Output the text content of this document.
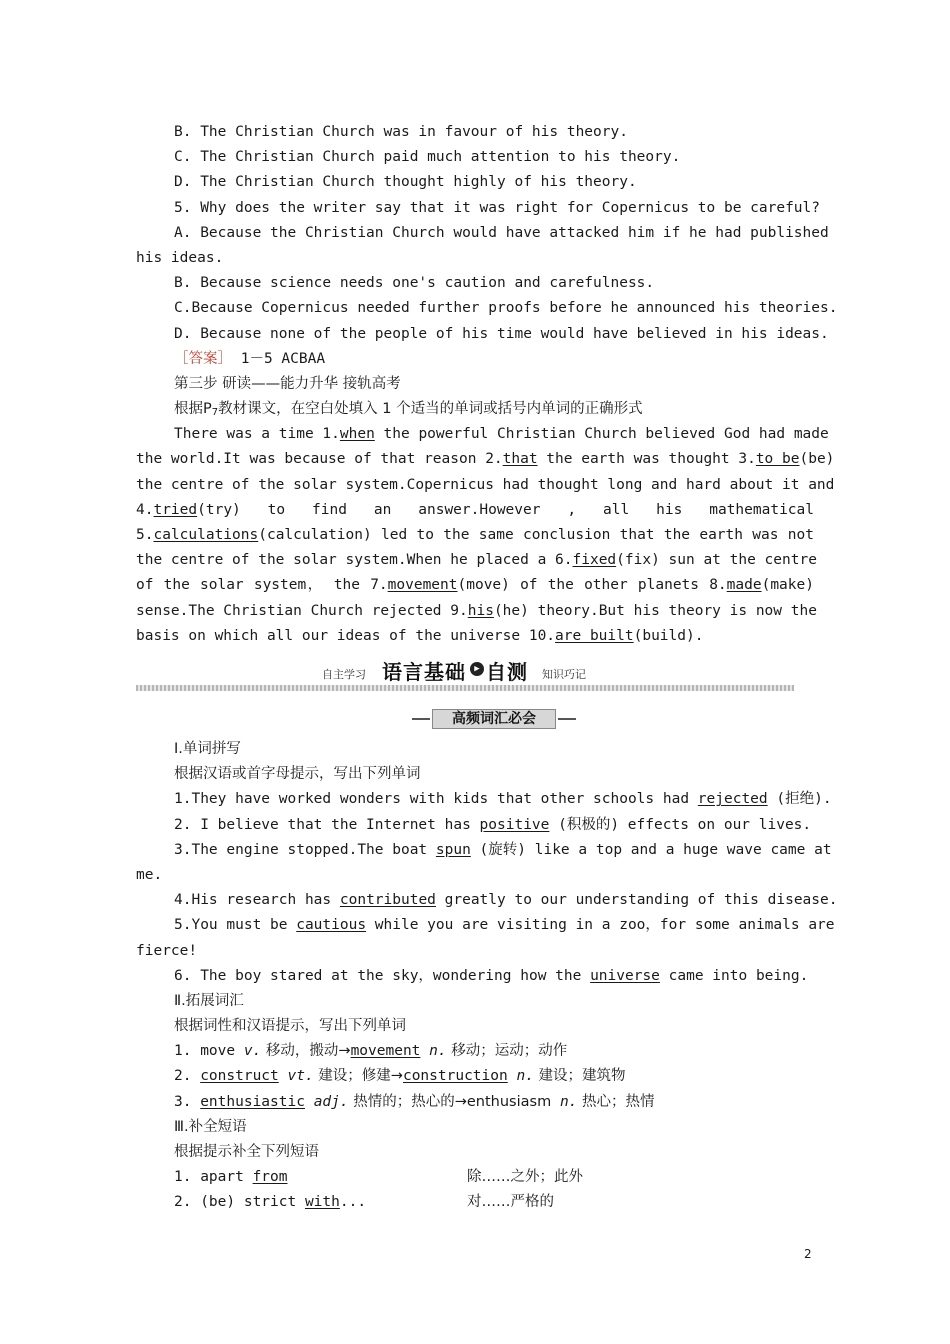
B. The Christian Church was in favour of his theory.
C. The Christian Church paid much attention to his theory.
D. The Christian Church thought highly of his theory.
5. Why does the writer say that it was right for Copernicus to be careful?
A. Because the Christian Church would have attacked him if he had published
his ideas.
B. Because science needs one's caution and carefulness.
C.Because Copernicus needed further proofs before he announced his theories.
D. Because none of the people of his time would have believed in his ideas.
［答案］ 1－5 ACBAA
第三步 研读——能力升华 接轨高考
根据$P_7$教材课文，在空白处填入 1 个适当的单词或括号内单词的正确形式
There was a time 1.when the powerful Christian Church believed God had made
the world.It was because of that reason 2.that the earth was thought 3.to be(be)
the centre of the solar system.Copernicus had thought long and hard about it and
4.tried(try) to find an answer.However , all his mathematical
5.calculations(calculation) led to the same conclusion that the earth was not
the centre of the solar system.When he placed a 6.fixed(fix) sun at the centre
of the solar system， the 7.movement(move) of the other planets 8.made(make)
sense.The Christian Church rejected 9.his(he) theory.But his theory is now the
basis on which all our ideas of the universe 10.are built(build).
自主学习 语言基础 ▶ 自测 知识巧记
高频词汇必会
Ⅰ.单词拼写
根据汉语或首字母提示，写出下列单词
1.They have worked wonders with kids that other schools had rejected (拒绝).
2. I believe that the Internet has positive (积极的) effects on our lives.
3.The engine stopped.The boat spun (旋转) like a top and a huge wave came at
me.
4.His research has contributed greatly to our understanding of this disease.
5.You must be cautious while you are visiting in a zoo，for some animals are
fierce!
6. The boy stared at the sky，wondering how the universe came into being.
Ⅱ.拓展词汇
根据词性和汉语提示，写出下列单词
1. move v. 移动，搬动→movement n. 移动；运动；动作
2. construct vt. 建设；修建→construction n. 建设；建筑物
3. enthusiastic adj. 热情的；热心的→enthusiasm n. 热心；热情
Ⅲ.补全短语
根据提示补全下列短语
1. apart from	除……之外；此外
2. (be) strict with...	对……严格的
2
